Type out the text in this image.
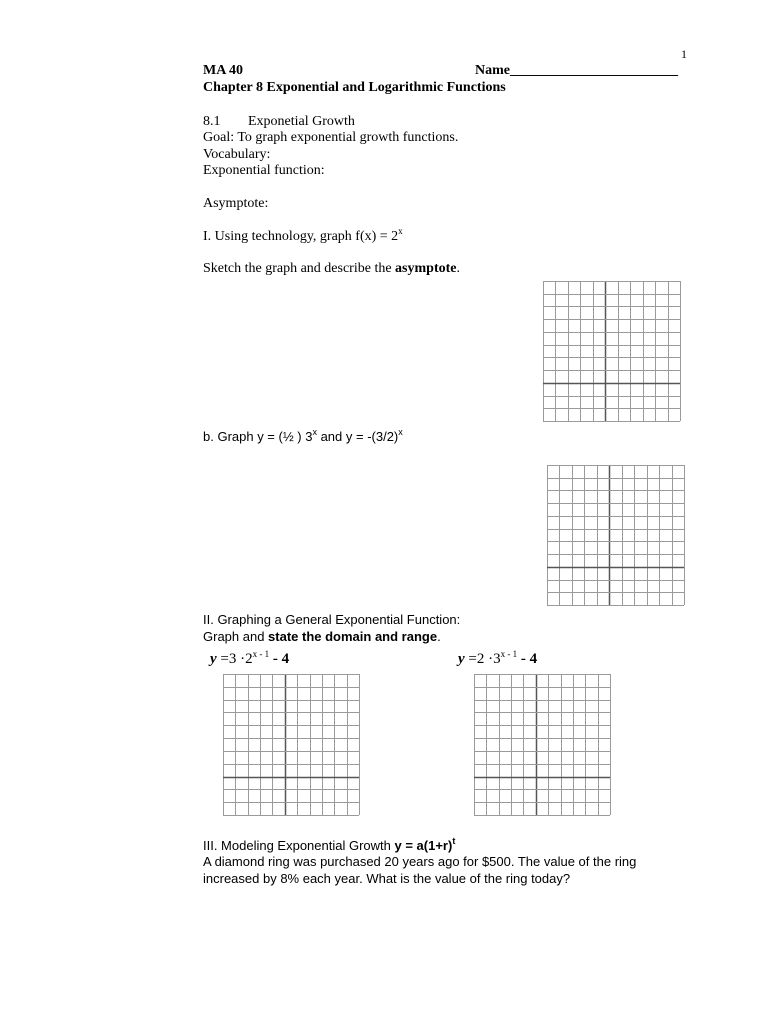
1
MA 40	Name________________________
Chapter 8 Exponential and Logarithmic Functions
8.1 Exponetial Growth
Goal: To graph exponential growth functions.
Vocabulary:
Exponential function:
Asymptote:
I. Using technology, graph $f(x) = 2^x$
Sketch the graph and describe the asymptote.
b. Graph y = (½ ) 3$^x$ and $y = -(3/2)^x$
II. Graphing a General Exponential Function:
Graph and state the domain and range.
$y =3 \cdot 2^{x - 1} - 4$	$y =2 \cdot 3^{x - 1} - 4$
III. Modeling Exponential Growth $y = a(1+r)^t$
A diamond ring was purchased 20 years ago for $500. The value of the ring
increased by 8% each year. What is the value of the ring today?
